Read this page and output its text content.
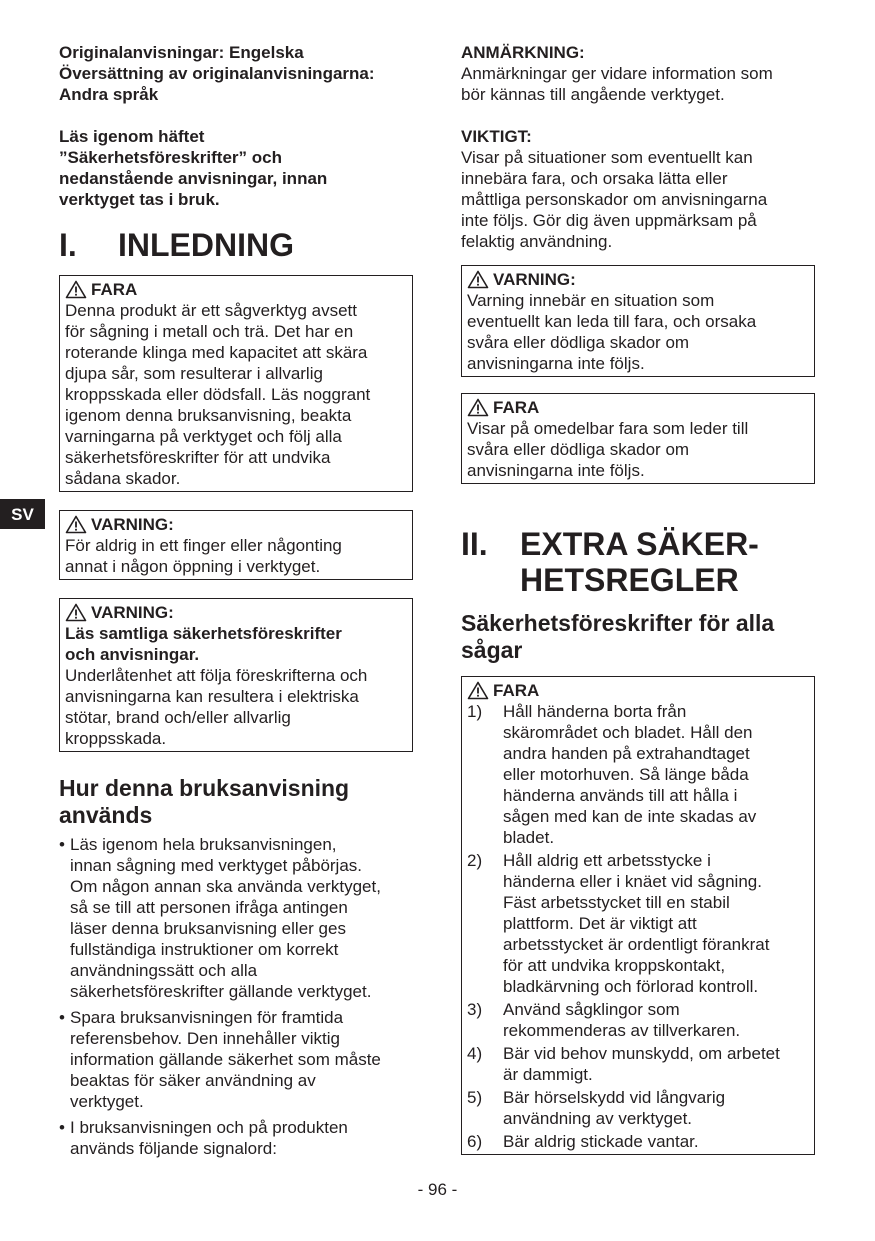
SV

Originalanvisningar: Engelska

Översättning av originalanvisningarna:

Andra språk

Läs igenom häftet

”Säkerhetsföreskrifter” och

nedanstående anvisningar, innan

verktyget tas i bruk.

I.	INLEDNING
FARA

Denna produkt är ett sågverktyg avsett

för sågning i metall och trä. Det har en

roterande klinga med kapacitet att skära

djupa sår, som resulterar i allvarlig

kroppsskada eller dödsfall. Läs noggrant

igenom denna bruksanvisning, beakta

varningarna på verktyget och följ alla

säkerhetsföreskrifter för att undvika

sådana skador.

VARNING:

För aldrig in ett finger eller någonting

annat i någon öppning i verktyget.

VARNING:

Läs samtliga säkerhetsföreskrifter

och anvisningar.

Underlåtenhet att följa föreskrifterna och

anvisningarna kan resultera i elektriska

stötar, brand och/eller allvarlig

kroppsskada.

Hur denna bruksanvisning

används

• Läs igenom hela bruksanvisningen,

innan sågning med verktyget påbörjas.

Om någon annan ska använda verktyget,

så se till att personen ifråga antingen

läser denna bruksanvisning eller ges

fullständiga instruktioner om korrekt

användningssätt och alla

säkerhetsföreskrifter gällande verktyget.

• Spara bruksanvisningen för framtida

referensbehov. Den innehåller viktig

information gällande säkerhet som måste

beaktas för säker användning av

verktyget.

• I bruksanvisningen och på produkten

används följande signalord:

ANMÄRKNING:

Anmärkningar ger vidare information som

bör kännas till angående verktyget.

VIKTIGT:

Visar på situationer som eventuellt kan

innebära fara, och orsaka lätta eller

måttliga personskador om anvisningarna

inte följs. Gör dig även uppmärksam på

felaktig användning.

VARNING:

Varning innebär en situation som

eventuellt kan leda till fara, och orsaka

svåra eller dödliga skador om

anvisningarna inte följs.

FARA

Visar på omedelbar fara som leder till

svåra eller dödliga skador om

anvisningarna inte följs.

II.	EXTRA SÄKER-

HETSREGLER

Säkerhetsföreskrifter för alla

sågar

FARA
1)	Håll händerna borta från

skärområdet och bladet. Håll den

andra handen på extrahandtaget

eller motorhuven. Så länge båda

händerna används till att hålla i

sågen med kan de inte skadas av

bladet.

2)	Håll aldrig ett arbetsstycke i

händerna eller i knäet vid sågning.

Fäst arbetsstycket till en stabil

plattform. Det är viktigt att

arbetsstycket är ordentligt förankrat

för att undvika kroppskontakt,

bladkärvning och förlorad kontroll.

3)	Använd sågklingor som

rekommenderas av tillverkaren.

4)	Bär vid behov munskydd, om arbetet

är dammigt.

5)	Bär hörselskydd vid långvarig

användning av verktyget.

6)	Bär aldrig stickade vantar.

- 96 -
